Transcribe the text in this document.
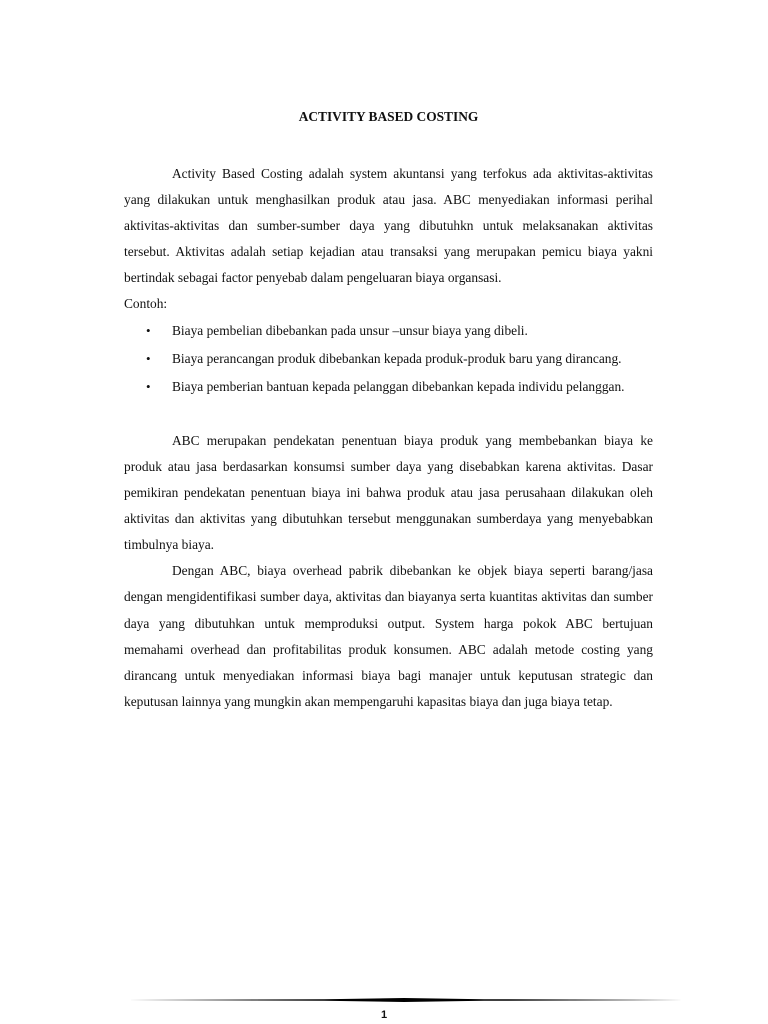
ACTIVITY BASED COSTING

Activity Based Costing adalah system akuntansi yang terfokus ada aktivitas-aktivitas yang dilakukan untuk menghasilkan produk atau jasa. ABC menyediakan informasi perihal aktivitas-aktivitas dan sumber-sumber daya yang dibutuhkn untuk melaksanakan aktivitas tersebut. Aktivitas adalah setiap kejadian atau transaksi yang merupakan pemicu biaya yakni bertindak sebagai factor penyebab dalam pengeluaran biaya organsasi.

Contoh:
• Biaya pembelian dibebankan pada unsur –unsur biaya yang dibeli.
• Biaya perancangan produk dibebankan kepada produk-produk baru yang dirancang.
• Biaya pemberian bantuan kepada pelanggan dibebankan kepada individu pelanggan.

ABC merupakan pendekatan penentuan biaya produk yang membebankan biaya ke produk atau jasa berdasarkan konsumsi sumber daya yang disebabkan karena aktivitas. Dasar pemikiran pendekatan penentuan biaya ini bahwa produk atau jasa perusahaan dilakukan oleh aktivitas dan aktivitas yang dibutuhkan tersebut menggunakan sumberdaya yang menyebabkan timbulnya biaya.

Dengan ABC, biaya overhead pabrik dibebankan ke objek biaya seperti barang/jasa dengan mengidentifikasi sumber daya, aktivitas dan biayanya serta kuantitas aktivitas dan sumber daya yang dibutuhkan untuk memproduksi output. System harga pokok ABC bertujuan memahami overhead dan profitabilitas produk konsumen. ABC adalah metode costing yang dirancang untuk menyediakan informasi biaya bagi manajer untuk keputusan strategic dan keputusan lainnya yang mungkin akan mempengaruhi kapasitas biaya dan juga biaya tetap.

1
